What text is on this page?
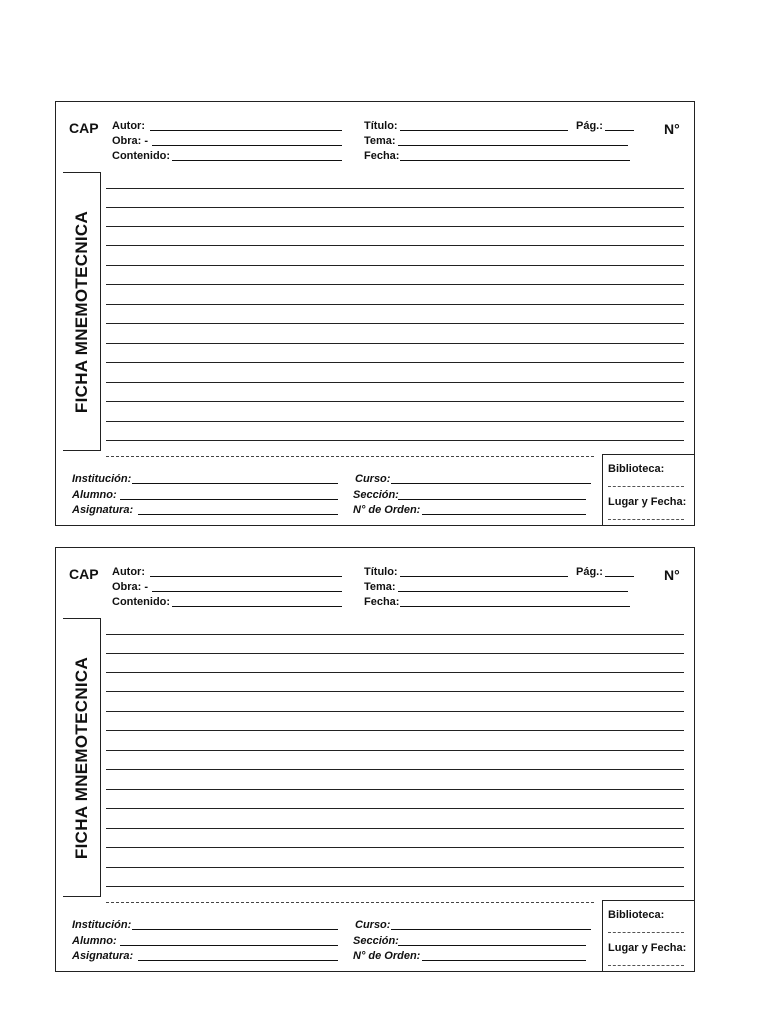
CAP	N°
Autor:
Obra: -
Contenido:
Título:	Pág.:
Tema:
Fecha:
FICHA MNEMOTECNICA
Institución:
Alumno:
Asignatura:
Curso:
Sección:
N° de Orden:
Biblioteca:
Lugar y Fecha:
CAP	N°
Autor:
Obra: -
Contenido:
Título:	Pág.:
Tema:
Fecha:
FICHA MNEMOTECNICA
Institución:
Alumno:
Asignatura:
Curso:
Sección:
N° de Orden:
Biblioteca:
Lugar y Fecha:
